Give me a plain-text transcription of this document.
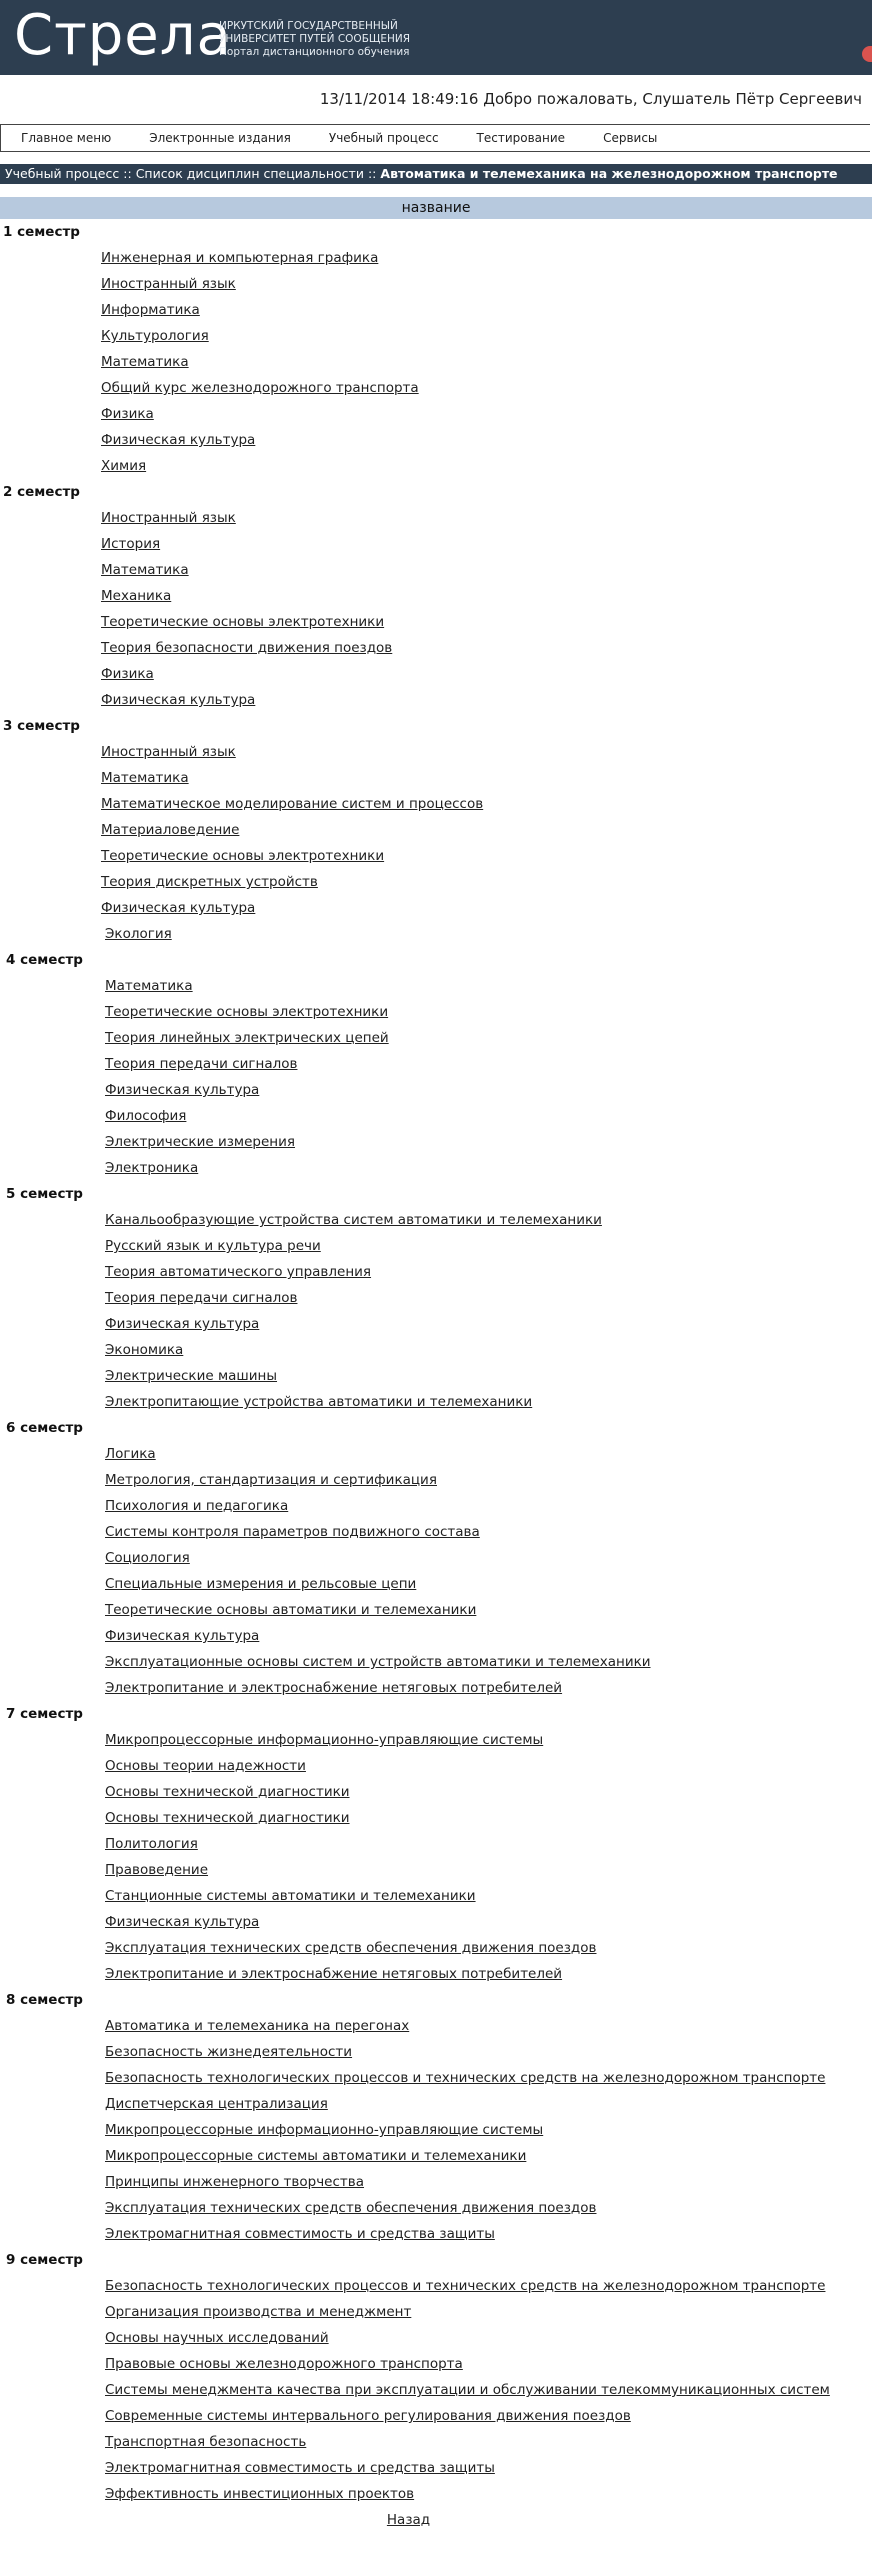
Стрела
ИРКУТСКИЙ ГОСУДАРСТВЕННЫЙ
УНИВЕРСИТЕТ ПУТЕЙ СООБЩЕНИЯ
Портал дистанционного обучения
13/11/2014 18:49:16 Добро пожаловать, Слушатель Пётр Сергеевич
Главное меню	Электронные издания	Учебный процесс	Тестирование	Сервисы
Учебный процесс :: Список дисциплин специальности :: Автоматика и телемеханика на железнодорожном транспорте
название
1 семестр
Инженерная и компьютерная графика
Иностранный язык
Информатика
Культурология
Математика
Общий курс железнодорожного транспорта
Физика
Физическая культура
Химия
2 семестр
Иностранный язык
История
Математика
Механика
Теоретические основы электротехники
Теория безопасности движения поездов
Физика
Физическая культура
3 семестр
Иностранный язык
Математика
Математическое моделирование систем и процессов
Материаловедение
Теоретические основы электротехники
Теория дискретных устройств
Физическая культура
Экология
4 семестр
Математика
Теоретические основы электротехники
Теория линейных электрических цепей
Теория передачи сигналов
Физическая культура
Философия
Электрические измерения
Электроника
5 семестр
Канальообразующие устройства систем автоматики и телемеханики
Русский язык и культура речи
Теория автоматического управления
Теория передачи сигналов
Физическая культура
Экономика
Электрические машины
Электропитающие устройства автоматики и телемеханики
6 семестр
Логика
Метрология, стандартизация и сертификация
Психология и педагогика
Системы контроля параметров подвижного состава
Социология
Специальные измерения и рельсовые цепи
Теоретические основы автоматики и телемеханики
Физическая культура
Эксплуатационные основы систем и устройств автоматики и телемеханики
Электропитание и электроснабжение нетяговых потребителей
7 семестр
Микропроцессорные информационно-управляющие системы
Основы теории надежности
Основы технической диагностики
Основы технической диагностики
Политология
Правоведение
Станционные системы автоматики и телемеханики
Физическая культура
Эксплуатация технических средств обеспечения движения поездов
Электропитание и электроснабжение нетяговых потребителей
8 семестр
Автоматика и телемеханика на перегонах
Безопасность жизнедеятельности
Безопасность технологических процессов и технических средств на железнодорожном транспорте
Диспетчерская централизация
Микропроцессорные информационно-управляющие системы
Микропроцессорные системы автоматики и телемеханики
Принципы инженерного творчества
Эксплуатация технических средств обеспечения движения поездов
Электромагнитная совместимость и средства защиты
9 семестр
Безопасность технологических процессов и технических средств на железнодорожном транспорте
Организация производства и менеджмент
Основы научных исследований
Правовые основы железнодорожного транспорта
Системы менеджмента качества при эксплуатации и обслуживании телекоммуникационных систем
Современные системы интервального регулирования движения поездов
Транспортная безопасность
Электромагнитная совместимость и средства защиты
Эффективность инвестиционных проектов
Назад
